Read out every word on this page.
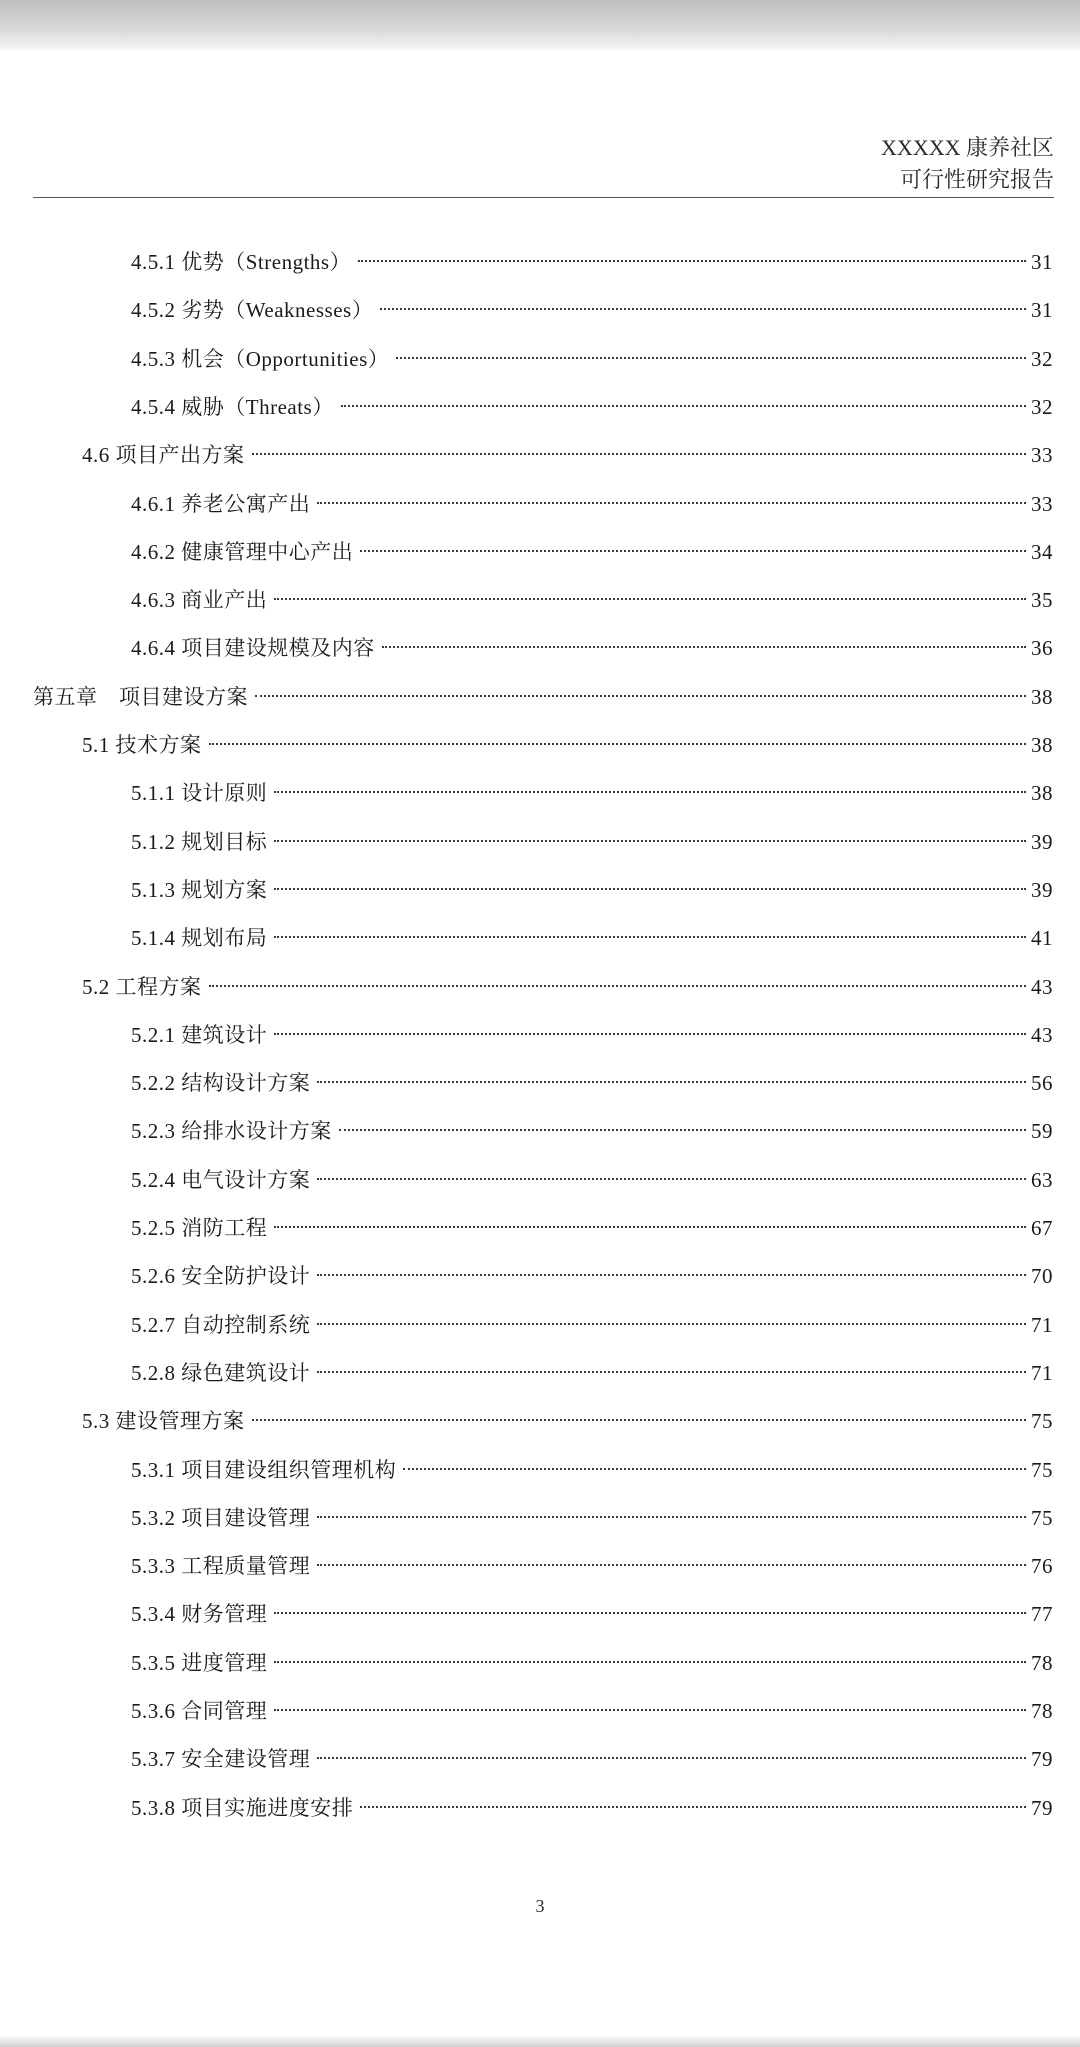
XXXXX 康养社区
可行性研究报告
4.5.1 优势（Strengths）	31
4.5.2 劣势（Weaknesses）	31
4.5.3 机会（Opportunities）	32
4.5.4 威胁（Threats）	32
4.6 项目产出方案	33
4.6.1 养老公寓产出	33
4.6.2 健康管理中心产出	34
4.6.3 商业产出	35
4.6.4 项目建设规模及内容	36
第五章　项目建设方案	38
5.1 技术方案	38
5.1.1 设计原则	38
5.1.2 规划目标	39
5.1.3 规划方案	39
5.1.4 规划布局	41
5.2 工程方案	43
5.2.1 建筑设计	43
5.2.2 结构设计方案	56
5.2.3 给排水设计方案	59
5.2.4 电气设计方案	63
5.2.5 消防工程	67
5.2.6 安全防护设计	70
5.2.7 自动控制系统	71
5.2.8 绿色建筑设计	71
5.3 建设管理方案	75
5.3.1 项目建设组织管理机构	75
5.3.2 项目建设管理	75
5.3.3 工程质量管理	76
5.3.4 财务管理	77
5.3.5 进度管理	78
5.3.6 合同管理	78
5.3.7 安全建设管理	79
5.3.8 项目实施进度安排	79
3
